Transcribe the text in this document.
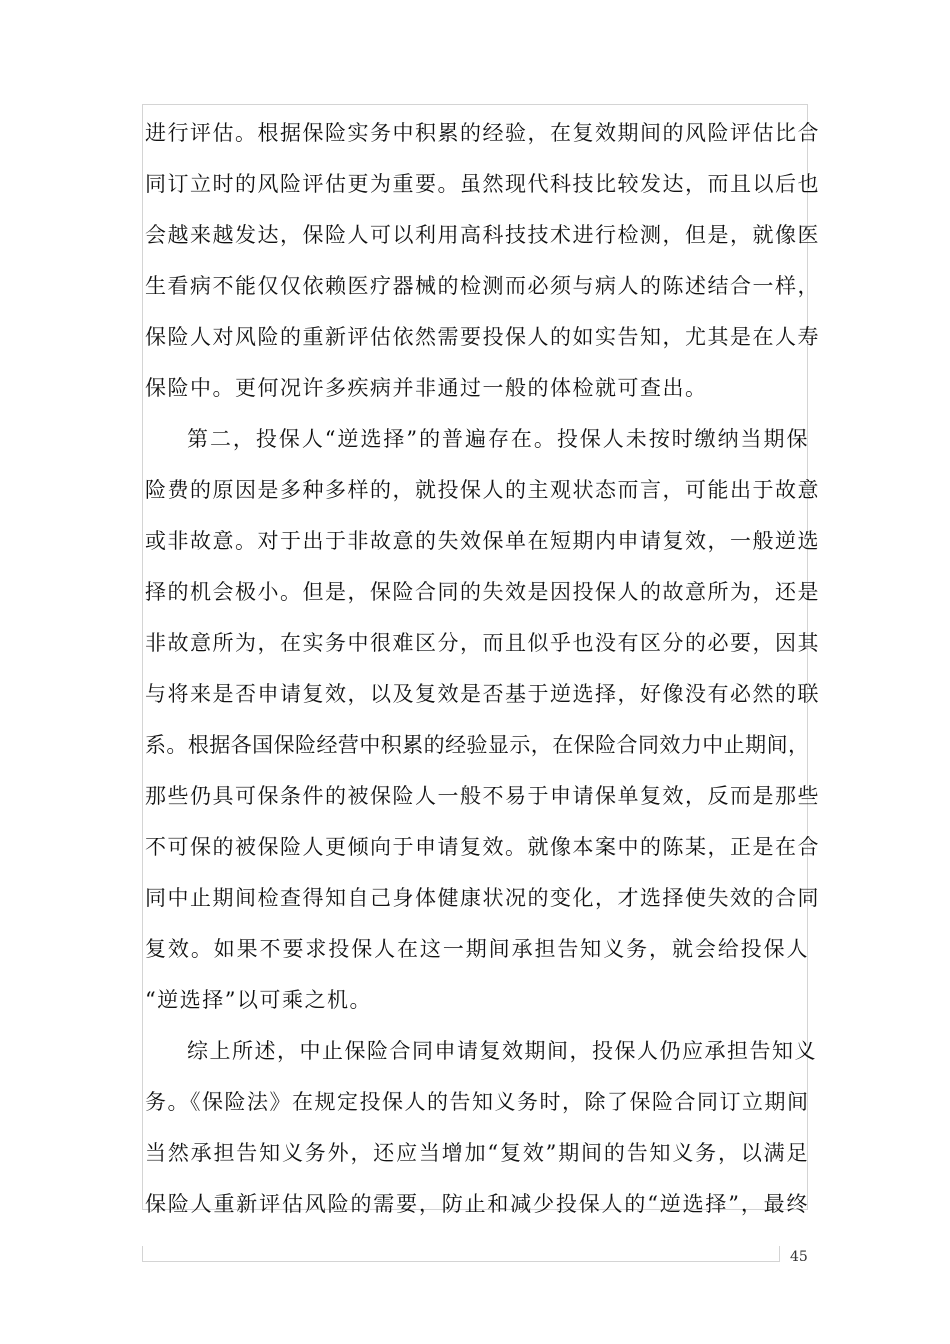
进行评估。根据保险实务中积累的经验，在复效期间的风险评估比合
同订立时的风险评估更为重要。虽然现代科技比较发达，而且以后也
会越来越发达，保险人可以利用高科技技术进行检测，但是，就像医
生看病不能仅仅依赖医疗器械的检测而必须与病人的陈述结合一样，
保险人对风险的重新评估依然需要投保人的如实告知，尤其是在人寿
保险中。更何况许多疾病并非通过一般的体检就可查出。
第二，投保人“逆选择”的普遍存在。投保人未按时缴纳当期保
险费的原因是多种多样的，就投保人的主观状态而言，可能出于故意
或非故意。对于出于非故意的失效保单在短期内申请复效，一般逆选
择的机会极小。但是，保险合同的失效是因投保人的故意所为，还是
非故意所为，在实务中很难区分，而且似乎也没有区分的必要，因其
与将来是否申请复效，以及复效是否基于逆选择，好像没有必然的联
系。根据各国保险经营中积累的经验显示，在保险合同效力中止期间，
那些仍具可保条件的被保险人一般不易于申请保单复效，反而是那些
不可保的被保险人更倾向于申请复效。就像本案中的陈某，正是在合
同中止期间检查得知自己身体健康状况的变化，才选择使失效的合同
复效。如果不要求投保人在这一期间承担告知义务，就会给投保人
“逆选择”以可乘之机。
综上所述，中止保险合同申请复效期间，投保人仍应承担告知义
务。《保险法》在规定投保人的告知义务时，除了保险合同订立期间
当然承担告知义务外，还应当增加“复效”期间的告知义务，以满足
保险人重新评估风险的需要，防止和减少投保人的“逆选择”，最终
45
